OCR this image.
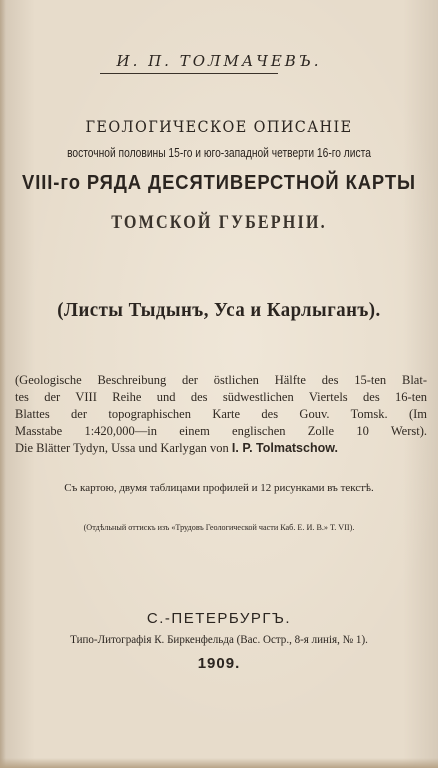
И. П. ТОЛМАЧЕВЪ.
ГЕОЛОГИЧЕСКОЕ ОПИСАНІЕ
восточной половины 15-го и юго-западной четверти 16-го листа
VIII-го РЯДА ДЕСЯТИВЕРСТНОЙ КАРТЫ
ТОМСКОЙ ГУБЕРНІИ.
(Листы Тыдынъ, Уса и Карлыганъ).
(Geologische Beschreibung der östlichen Hälfte des 15-ten Blat-
tes der VIII Reihe und des südwestlichen Viertels des 16-ten
Blattes der topographischen Karte des Gouv. Tomsk. (Im
Masstabe 1:420,000—in einem englischen Zolle 10 Werst).
Die Blätter Tydyn, Ussa und Karlygan von I. P. Tolmatschow.
Съ картою, двумя таблицами профилей и 12 рисунками въ текстѣ.
(Отдѣльный оттискъ изъ «Трудовъ Геологической части Каб. Е. И. В.» Т. VII).
С.-ПЕТЕРБУРГЪ.
Типо-Литографія К. Биркенфельда (Вас. Остр., 8-я линія, № 1).
1909.
